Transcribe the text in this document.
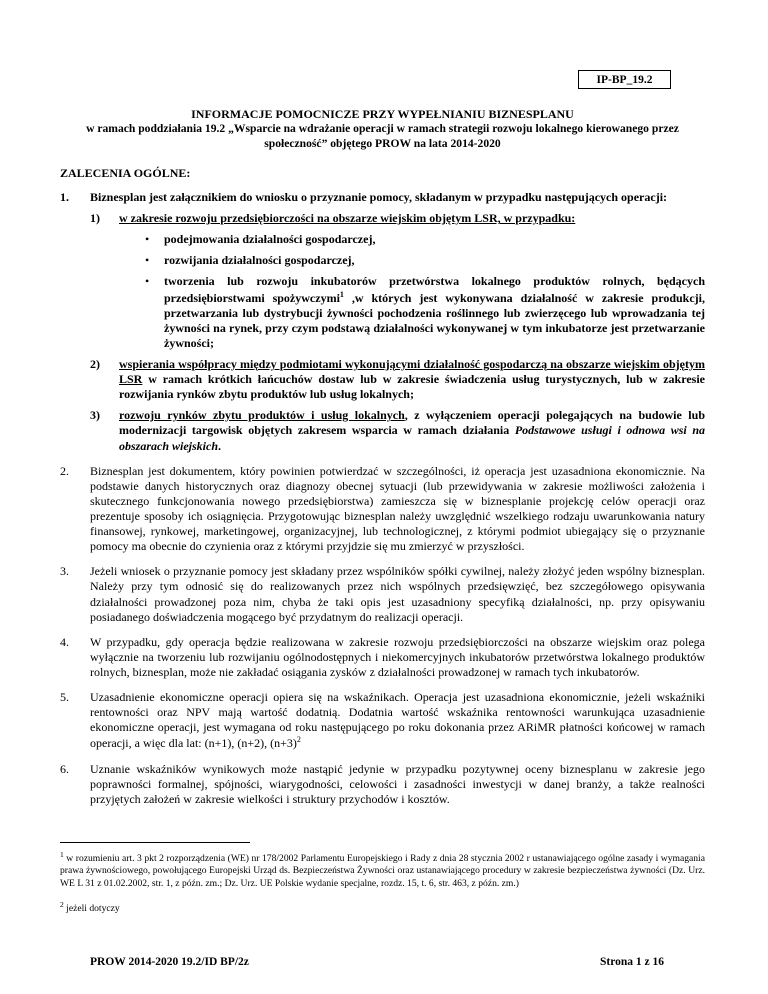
IP-BP_19.2
INFORMACJE POMOCNICZE PRZY WYPEŁNIANIU BIZNESPLANU
w ramach poddziałania 19.2 „Wsparcie na wdrażanie operacji w ramach strategii rozwoju lokalnego kierowanego przez społeczność” objętego PROW na lata 2014-2020
ZALECENIA OGÓLNE:
1. Biznesplan jest załącznikiem do wniosku o przyznanie pomocy, składanym w przypadku następujących operacji:
1) w zakresie rozwoju przedsiębiorczości na obszarze wiejskim objętym LSR, w przypadku:
• podejmowania działalności gospodarczej,
• rozwijania działalności gospodarczej,
• tworzenia lub rozwoju inkubatorów przetwórstwa lokalnego produktów rolnych, będących przedsiębiorstwami spożywczymi$^1$ ,w których jest wykonywana działalność w zakresie produkcji, przetwarzania lub dystrybucji żywności pochodzenia roślinnego lub zwierzęcego lub wprowadzania tej żywności na rynek, przy czym podstawą działalności wykonywanej w tym inkubatorze jest przetwarzanie żywności;
2) wspierania współpracy między podmiotami wykonującymi działalność gospodarczą na obszarze wiejskim objętym LSR w ramach krótkich łańcuchów dostaw lub w zakresie świadczenia usług turystycznych, lub w zakresie rozwijania rynków zbytu produktów lub usług lokalnych;
3) rozwoju rynków zbytu produktów i usług lokalnych, z wyłączeniem operacji polegających na budowie lub modernizacji targowisk objętych zakresem wsparcia w ramach działania Podstawowe usługi i odnowa wsi na obszarach wiejskich.
2. Biznesplan jest dokumentem, który powinien potwierdzać w szczególności, iż operacja jest uzasadniona ekonomicznie. Na podstawie danych historycznych oraz diagnozy obecnej sytuacji (lub przewidywania w zakresie możliwości założenia i skutecznego funkcjonowania nowego przedsiębiorstwa) zamieszcza się w biznesplanie projekcję celów operacji oraz prezentuje sposoby ich osiągnięcia. Przygotowując biznesplan należy uwzględnić wszelkiego rodzaju uwarunkowania natury finansowej, rynkowej, marketingowej, organizacyjnej, lub technologicznej, z którymi podmiot ubiegający się o przyznanie pomocy ma obecnie do czynienia oraz z którymi przyjdzie się mu zmierzyć w przyszłości.
3. Jeżeli wniosek o przyznanie pomocy jest składany przez wspólników spółki cywilnej, należy złożyć jeden wspólny biznesplan. Należy przy tym odnosić się do realizowanych przez nich wspólnych przedsięwzięć, bez szczegółowego opisywania działalności prowadzonej poza nim, chyba że taki opis jest uzasadniony specyfiką działalności, np. przy opisywaniu posiadanego doświadczenia mogącego być przydatnym do realizacji operacji.
4. W przypadku, gdy operacja będzie realizowana w zakresie rozwoju przedsiębiorczości na obszarze wiejskim oraz polega wyłącznie na tworzeniu lub rozwijaniu ogólnodostępnych i niekomercyjnych inkubatorów przetwórstwa lokalnego produktów rolnych, biznesplan, może nie zakładać osiągania zysków z działalności prowadzonej w ramach tych inkubatorów.
5. Uzasadnienie ekonomiczne operacji opiera się na wskaźnikach. Operacja jest uzasadniona ekonomicznie, jeżeli wskaźniki rentowności oraz NPV mają wartość dodatnią. Dodatnia wartość wskaźnika rentowności warunkująca uzasadnienie ekonomiczne operacji, jest wymagana od roku następującego po roku dokonania przez ARiMR płatności końcowej w ramach operacji, a więc dla lat: (n+1), (n+2), $(n+3)^2$
6. Uznanie wskaźników wynikowych może nastąpić jedynie w przypadku pozytywnej oceny biznesplanu w zakresie jego poprawności formalnej, spójności, wiarygodności, celowości i zasadności inwestycji w danej branży, a także realności przyjętych założeń w zakresie wielkości i struktury przychodów i kosztów.
$^1$ w rozumieniu art. 3 pkt 2 rozporządzenia (WE) nr 178/2002 Parlamentu Europejskiego i Rady z dnia 28 stycznia 2002 r ustanawiającego ogólne zasady i wymagania prawa żywnościowego, powołującego Europejski Urząd ds. Bezpieczeństwa Żywności oraz ustanawiającego procedury w zakresie bezpieczeństwa żywności (Dz. Urz. WE L 31 z 01.02.2002, str. 1, z późn. zm.; Dz. Urz. UE Polskie wydanie specjalne, rozdz. 15, t. 6, str. 463, z późn. zm.)
$^2$ jeżeli dotyczy
PROW 2014-2020 19.2/ID BP/2z	Strona 1 z 16
